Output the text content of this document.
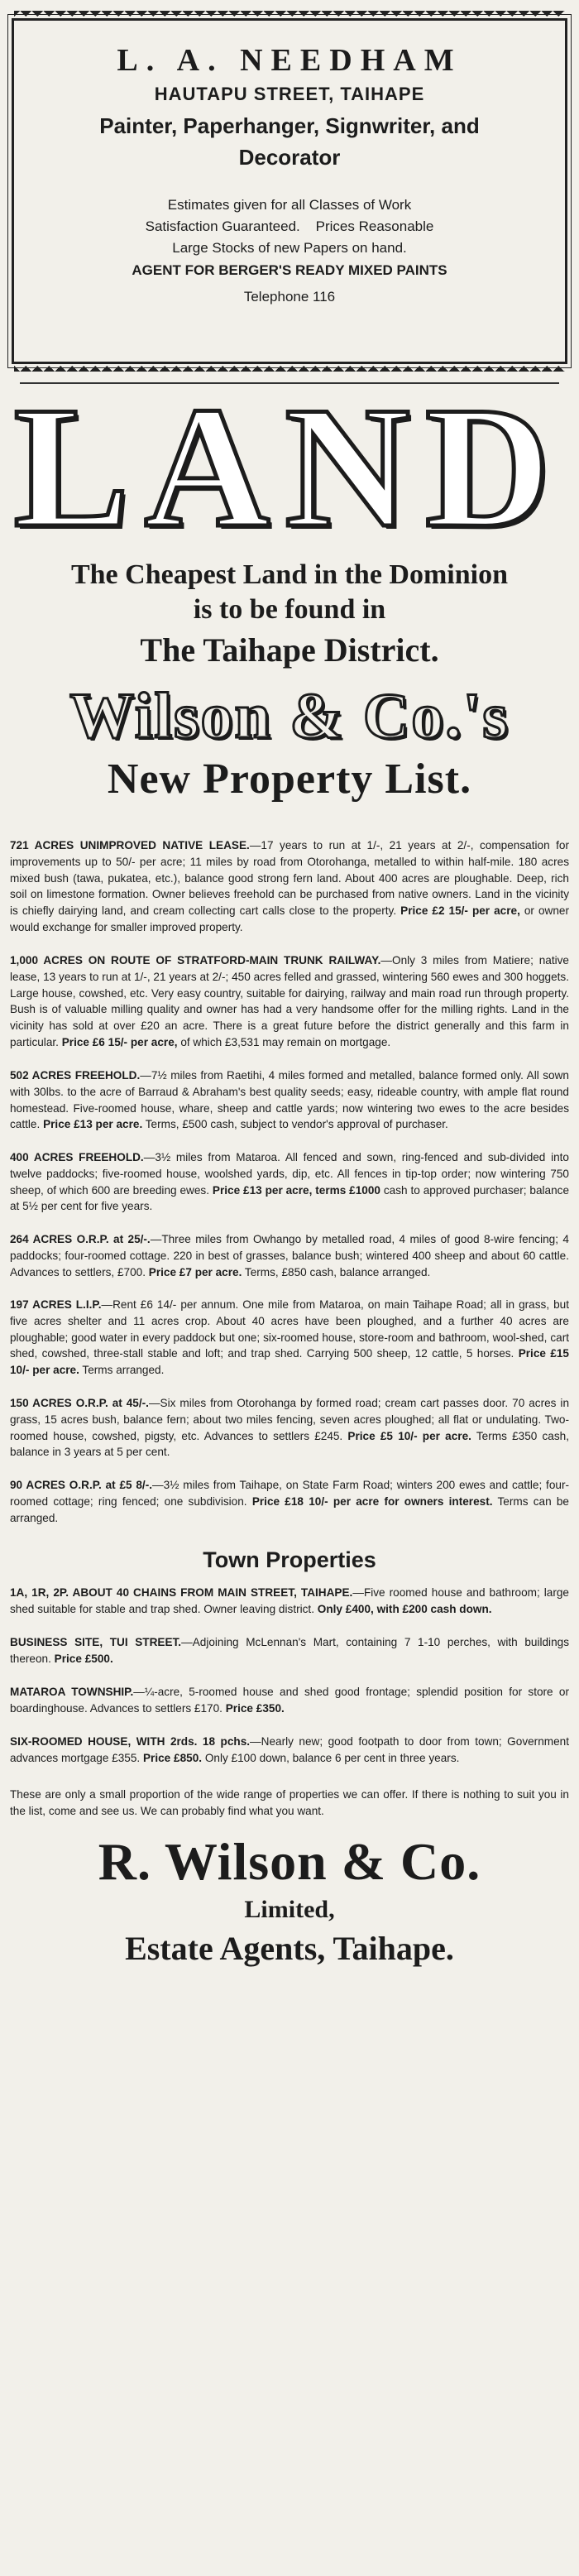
L. A. NEEDHAM
HAUTAPU STREET, TAIHAPE
Painter, Paperhanger, Signwriter, and
Decorator
Estimates given for all Classes of Work
Satisfaction Guaranteed.    Prices Reasonable
Large Stocks of new Papers on hand.
AGENT FOR BERGER'S READY MIXED PAINTS
Telephone 116
LAND
The Cheapest Land in the Dominion
is to be found in
The Taihape District.
Wilson & Co.'s
New Property List.
721 ACRES UNIMPROVED NATIVE LEASE.—17 years to run at 1/-, 21 years at 2/-, compensation for improvements up to 50/- per acre; 11 miles by road from Otorohanga, metalled to within half-mile. 180 acres mixed bush (tawa, pukatea, etc.), balance good strong fern land. About 400 acres are ploughable. Deep, rich soil on limestone formation. Owner believes freehold can be purchased from native owners. Land in the vicinity is chiefly dairying land, and cream collecting cart calls close to the property. Price £2 15/- per acre, or owner would exchange for smaller improved property.
1,000 ACRES ON ROUTE OF STRATFORD-MAIN TRUNK RAILWAY.—Only 3 miles from Matiere; native lease, 13 years to run at 1/-, 21 years at 2/-; 450 acres felled and grassed, wintering 560 ewes and 300 hoggets. Large house, cowshed, etc. Very easy country, suitable for dairying, railway and main road run through property. Bush is of valuable milling quality and owner has had a very handsome offer for the milling rights. Land in the vicinity has sold at over £20 an acre. There is a great future before the district generally and this farm in particular. Price £6 15/- per acre, of which £3,531 may remain on mortgage.
502 ACRES FREEHOLD.—7½ miles from Raetihi, 4 miles formed and metalled, balance formed only. All sown with 30lbs. to the acre of Barraud & Abraham's best quality seeds; easy, rideable country, with ample flat round homestead. Five-roomed house, whare, sheep and cattle yards; now wintering two ewes to the acre besides cattle. Price £13 per acre. Terms, £500 cash, subject to vendor's approval of purchaser.
400 ACRES FREEHOLD.—3½ miles from Mataroa. All fenced and sown, ring-fenced and sub-divided into twelve paddocks; five-roomed house, woolshed yards, dip, etc. All fences in tip-top order; now wintering 750 sheep, of which 600 are breeding ewes. Price £13 per acre, terms £1000 cash to approved purchaser; balance at 5½ per cent for five years.
264 ACRES O.R.P. at 25/-.—Three miles from Owhango by metalled road, 4 miles of good 8-wire fencing; 4 paddocks; four-roomed cottage. 220 in best of grasses, balance bush; wintered 400 sheep and about 60 cattle. Advances to settlers, £700. Price £7 per acre. Terms, £850 cash, balance arranged.
197 ACRES L.I.P.—Rent £6 14/- per annum. One mile from Mataroa, on main Taihape Road; all in grass, but five acres shelter and 11 acres crop. About 40 acres have been ploughed, and a further 40 acres are ploughable; good water in every paddock but one; six-roomed house, store-room and bathroom, wool-shed, cart shed, cowshed, three-stall stable and loft; and trap shed. Carrying 500 sheep, 12 cattle, 5 horses. Price £15 10/- per acre. Terms arranged.
150 ACRES O.R.P. at 45/-.—Six miles from Otorohanga by formed road; cream cart passes door. 70 acres in grass, 15 acres bush, balance fern; about two miles fencing, seven acres ploughed; all flat or undulating. Two-roomed house, cowshed, pigsty, etc. Advances to settlers £245. Price £5 10/- per acre. Terms £350 cash, balance in 3 years at 5 per cent.
90 ACRES O.R.P. at £5 8/-.—3½ miles from Taihape, on State Farm Road; winters 200 ewes and cattle; four-roomed cottage; ring fenced; one subdivision. Price £18 10/- per acre for owners interest. Terms can be arranged.
Town Properties
1A, 1R, 2P. ABOUT 40 CHAINS FROM MAIN STREET, TAIHAPE.—Five roomed house and bathroom; large shed suitable for stable and trap shed. Owner leaving district. Only £400, with £200 cash down.
BUSINESS SITE, TUI STREET.—Adjoining McLennan's Mart, containing 7 1-10 perches, with buildings thereon. Price £500.
MATAROA TOWNSHIP.—¼-acre, 5-roomed house and shed good frontage; splendid position for store or boardinghouse. Advances to settlers £170. Price £350.
SIX-ROOMED HOUSE, WITH 2rds. 18 pchs.—Nearly new; good footpath to door from town; Government advances mortgage £355. Price £850. Only £100 down, balance 6 per cent in three years.
These are only a small proportion of the wide range of properties we can offer. If there is nothing to suit you in the list, come and see us. We can probably find what you want.
R. Wilson & Co.
Limited,
Estate Agents, Taihape.
